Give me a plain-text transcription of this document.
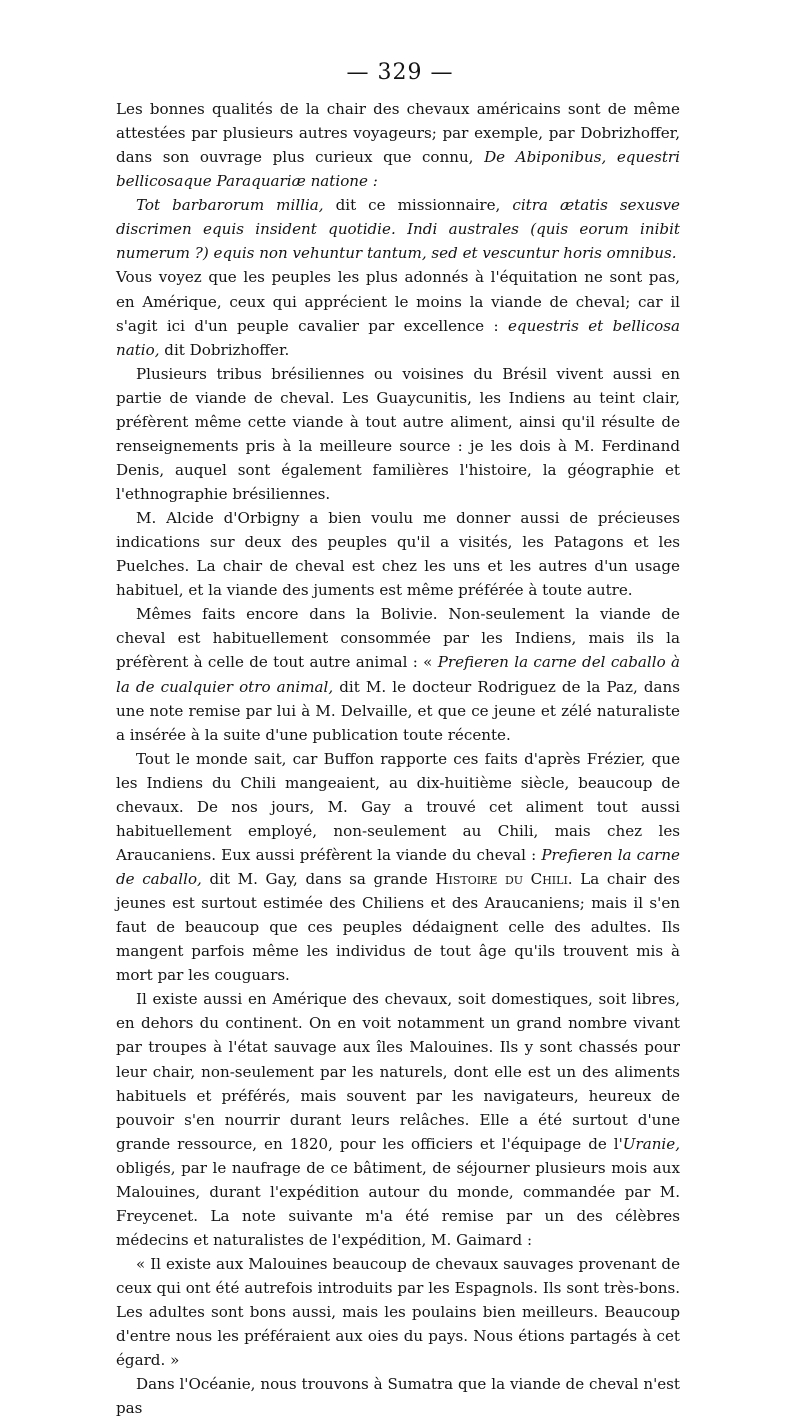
— 329 —

Les bonnes qualités de la chair des chevaux américains sont de même attestées par plusieurs autres voyageurs; par exemple, par Dobrizhoffer, dans son ouvrage plus curieux que connu, De Abiponibus, equestri bellicosaque Paraquariæ natione :

Tot barbarorum millia, dit ce missionnaire, citra ætatis sexusve discrimen equis insident quotidie. Indi australes (quis eorum inibit numerum ?) equis non vehuntur tantum, sed et vescuntur horis omnibus.

Vous voyez que les peuples les plus adonnés à l'équitation ne sont pas, en Amérique, ceux qui apprécient le moins la viande de cheval; car il s'agit ici d'un peuple cavalier par excellence : equestris et bellicosa natio, dit Dobrizhoffer.

Plusieurs tribus brésiliennes ou voisines du Brésil vivent aussi en partie de viande de cheval. Les Guaycunitis, les Indiens au teint clair, préfèrent même cette viande à tout autre aliment, ainsi qu'il résulte de renseignements pris à la meilleure source : je les dois à M. Ferdinand Denis, auquel sont également familières l'histoire, la géographie et l'ethnographie brésiliennes.

M. Alcide d'Orbigny a bien voulu me donner aussi de précieuses indications sur deux des peuples qu'il a visités, les Patagons et les Puelches. La chair de cheval est chez les uns et les autres d'un usage habituel, et la viande des juments est même préférée à toute autre.

Mêmes faits encore dans la Bolivie. Non-seulement la viande de cheval est habituellement consommée par les Indiens, mais ils la préfèrent à celle de tout autre animal : « Prefieren la carne del caballo à la de cualquier otro animal, dit M. le docteur Rodriguez de la Paz, dans une note remise par lui à M. Delvaille, et que ce jeune et zélé naturaliste a insérée à la suite d'une publication toute récente.

Tout le monde sait, car Buffon rapporte ces faits d'après Frézier, que les Indiens du Chili mangeaient, au dix-huitième siècle, beaucoup de chevaux. De nos jours, M. Gay a trouvé cet aliment tout aussi habituellement employé, non-seulement au Chili, mais chez les Araucaniens. Eux aussi préfèrent la viande du cheval : Prefieren la carne de caballo, dit M. Gay, dans sa grande Histoire du Chili. La chair des jeunes est surtout estimée des Chiliens et des Araucaniens; mais il s'en faut de beaucoup que ces peuples dédaignent celle des adultes. Ils mangent parfois même les individus de tout âge qu'ils trouvent mis à mort par les couguars.

Il existe aussi en Amérique des chevaux, soit domestiques, soit libres, en dehors du continent. On en voit notamment un grand nombre vivant par troupes à l'état sauvage aux îles Malouines. Ils y sont chassés pour leur chair, non-seulement par les naturels, dont elle est un des aliments habituels et préférés, mais souvent par les navigateurs, heureux de pouvoir s'en nourrir durant leurs relâches. Elle a été surtout d'une grande ressource, en 1820, pour les officiers et l'équipage de l'Uranie, obligés, par le naufrage de ce bâtiment, de séjourner plusieurs mois aux Malouines, durant l'expédition autour du monde, commandée par M. Freycenet. La note suivante m'a été remise par un des célèbres médecins et naturalistes de l'expédition, M. Gaimard :

« Il existe aux Malouines beaucoup de chevaux sauvages provenant de ceux qui ont été autrefois introduits par les Espagnols. Ils sont très-bons. Les adultes sont bons aussi, mais les poulains bien meilleurs. Beaucoup d'entre nous les préféraient aux oies du pays. Nous étions partagés à cet égard. »

Dans l'Océanie, nous trouvons à Sumatra que la viande de cheval n'est pas
